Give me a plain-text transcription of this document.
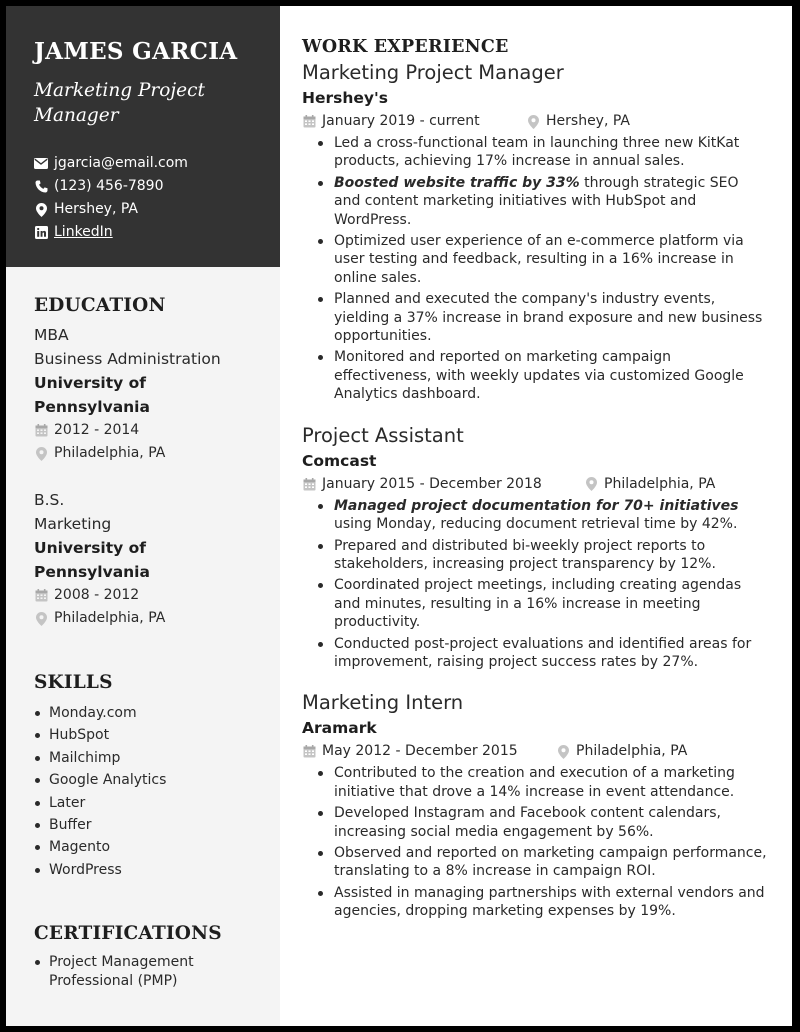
JAMES GARCIA
Marketing Project Manager
jgarcia@email.com
(123) 456-7890
Hershey, PA
LinkedIn
EDUCATION
MBA
Business Administration
University of Pennsylvania
2012 - 2014
Philadelphia, PA
B.S.
Marketing
University of Pennsylvania
2008 - 2012
Philadelphia, PA
SKILLS
Monday.com
HubSpot
Mailchimp
Google Analytics
Later
Buffer
Magento
WordPress
CERTIFICATIONS
Project Management Professional (PMP)
WORK EXPERIENCE
Marketing Project Manager
Hershey's
January 2019 - current	Hershey, PA
Led a cross-functional team in launching three new KitKat products, achieving 17% increase in annual sales.
Boosted website traffic by 33% through strategic SEO and content marketing initiatives with HubSpot and WordPress.
Optimized user experience of an e-commerce platform via user testing and feedback, resulting in a 16% increase in online sales.
Planned and executed the company's industry events, yielding a 37% increase in brand exposure and new business opportunities.
Monitored and reported on marketing campaign effectiveness, with weekly updates via customized Google Analytics dashboard.
Project Assistant
Comcast
January 2015 - December 2018	Philadelphia, PA
Managed project documentation for 70+ initiatives using Monday, reducing document retrieval time by 42%.
Prepared and distributed bi-weekly project reports to stakeholders, increasing project transparency by 12%.
Coordinated project meetings, including creating agendas and minutes, resulting in a 16% increase in meeting productivity.
Conducted post-project evaluations and identified areas for improvement, raising project success rates by 27%.
Marketing Intern
Aramark
May 2012 - December 2015	Philadelphia, PA
Contributed to the creation and execution of a marketing initiative that drove a 14% increase in event attendance.
Developed Instagram and Facebook content calendars, increasing social media engagement by 56%.
Observed and reported on marketing campaign performance, translating to a 8% increase in campaign ROI.
Assisted in managing partnerships with external vendors and agencies, dropping marketing expenses by 19%.
